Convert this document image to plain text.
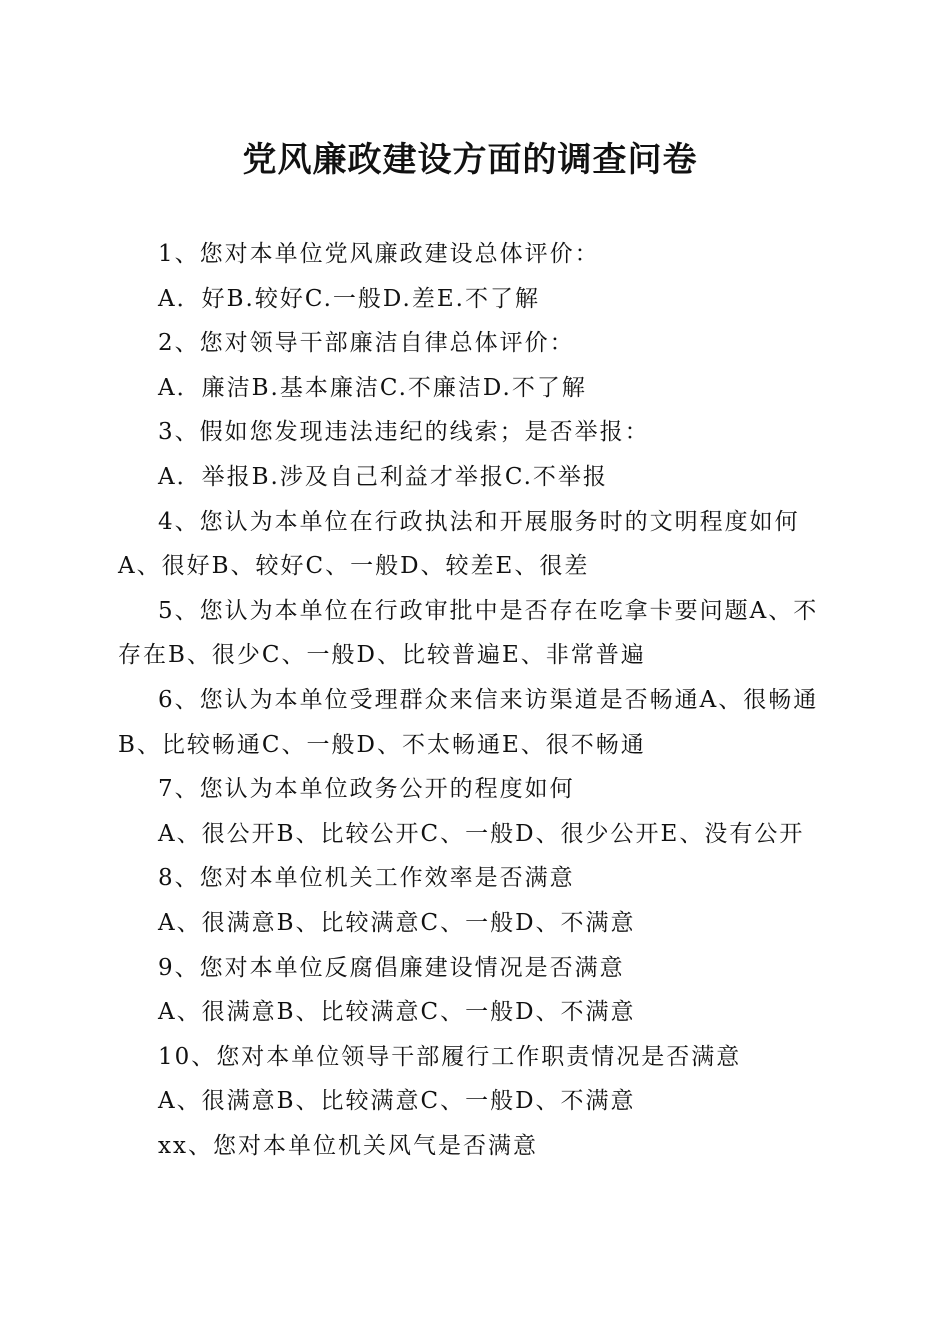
党风廉政建设方面的调查问卷

1、您对本单位党风廉政建设总体评价：

A．好B.较好C.一般D.差E.不了解

2、您对领导干部廉洁自律总体评价：

A．廉洁B.基本廉洁C.不廉洁D.不了解

3、假如您发现违法违纪的线索；是否举报：

A．举报B.涉及自己利益才举报C.不举报

4、您认为本单位在行政执法和开展服务时的文明程度如何A、很好B、较好C、一般D、较差E、很差

5、您认为本单位在行政审批中是否存在吃拿卡要问题A、不存在B、很少C、一般D、比较普遍E、非常普遍

6、您认为本单位受理群众来信来访渠道是否畅通A、很畅通B、比较畅通C、一般D、不太畅通E、很不畅通

7、您认为本单位政务公开的程度如何

A、很公开B、比较公开C、一般D、很少公开E、没有公开

8、您对本单位机关工作效率是否满意

A、很满意B、比较满意C、一般D、不满意

9、您对本单位反腐倡廉建设情况是否满意

A、很满意B、比较满意C、一般D、不满意

10、您对本单位领导干部履行工作职责情况是否满意

A、很满意B、比较满意C、一般D、不满意

xx、您对本单位机关风气是否满意
